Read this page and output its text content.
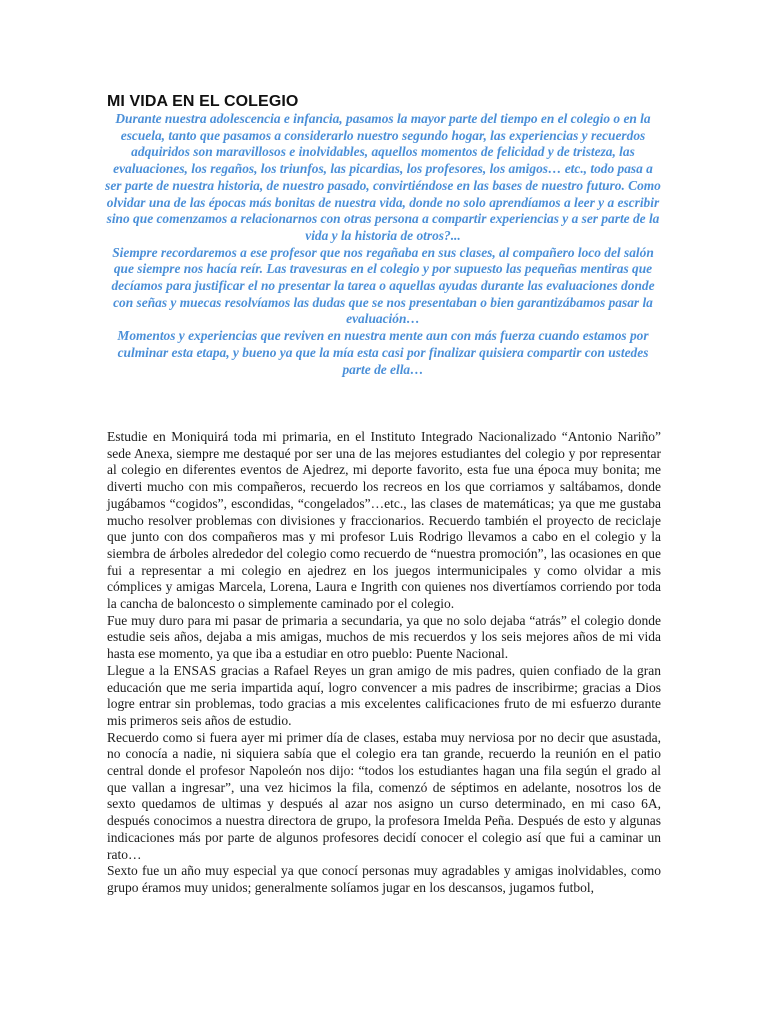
MI VIDA EN EL COLEGIO

Durante nuestra adolescencia e infancia, pasamos la mayor parte del tiempo en el colegio o en la escuela, tanto que pasamos a considerarlo nuestro segundo hogar, las experiencias y recuerdos adquiridos son maravillosos e inolvidables, aquellos momentos de felicidad y de tristeza, las evaluaciones, los regaños, los triunfos, las picardias, los profesores, los amigos… etc., todo pasa a ser parte de nuestra historia, de nuestro pasado, convirtiéndose en las bases de nuestro futuro. Como olvidar una de las épocas más bonitas de nuestra vida, donde no solo aprendíamos a leer y a escribir sino que comenzamos a relacionarnos con otras persona a compartir experiencias y a ser parte de la vida y la historia de otros?...

Siempre recordaremos a ese profesor que nos regañaba en sus clases, al compañero loco del salón que siempre nos hacía reír. Las travesuras en el colegio y por supuesto las pequeñas mentiras que decíamos para justificar el no presentar la tarea o aquellas ayudas durante las evaluaciones donde con señas y muecas resolvíamos las dudas que se nos presentaban o bien garantizábamos pasar la evaluación…

Momentos y experiencias que reviven en nuestra mente aun con más fuerza cuando estamos por culminar esta etapa, y bueno ya que la mía esta casi por finalizar quisiera compartir con ustedes parte de ella…

Estudie en Moniquirá toda mi primaria, en el Instituto Integrado Nacionalizado “Antonio Nariño” sede Anexa, siempre me destaqué por ser una de las mejores estudiantes del colegio y por representar al colegio en diferentes eventos de Ajedrez, mi deporte favorito, esta fue una época muy bonita; me diverti mucho con mis compañeros, recuerdo los recreos en los que corriamos y saltábamos, donde jugábamos “cogidos”, escondidas, “congelados”…etc., las clases de matemáticas; ya que me gustaba mucho resolver problemas con divisiones y fraccionarios. Recuerdo también el proyecto de reciclaje que junto con dos compañeros mas y mi profesor Luis Rodrigo llevamos a cabo en el colegio y la siembra de árboles alrededor del colegio como recuerdo de “nuestra promoción”, las ocasiones en que fui a representar a mi colegio en ajedrez en los juegos intermunicipales y como olvidar a mis cómplices y amigas Marcela, Lorena, Laura e Ingrith con quienes nos divertíamos corriendo por toda la cancha de baloncesto o simplemente caminado por el colegio.

Fue muy duro para mi pasar de primaria a secundaria, ya que no solo dejaba “atrás” el colegio donde estudie seis años, dejaba a mis amigas, muchos de mis recuerdos y los seis mejores años de mi vida hasta ese momento, ya que iba a estudiar en otro pueblo: Puente Nacional.

Llegue a la ENSAS gracias a Rafael Reyes un gran amigo de mis padres, quien confiado de la gran educación que me seria impartida aquí, logro convencer a mis padres de inscribirme; gracias a Dios logre entrar sin problemas, todo gracias a mis excelentes calificaciones fruto de mi esfuerzo durante mis primeros seis años de estudio.

Recuerdo como si fuera ayer mi primer día de clases, estaba muy nerviosa por no decir que asustada, no conocía a nadie, ni siquiera sabía que el colegio era tan grande, recuerdo la reunión en el patio central donde el profesor Napoleón nos dijo: “todos los estudiantes hagan una fila según el grado al que vallan a ingresar”, una vez hicimos la fila, comenzó de séptimos en adelante, nosotros los de sexto quedamos de ultimas y después al azar nos asigno un curso determinado, en mi caso 6A, después conocimos a nuestra directora de grupo, la profesora Imelda Peña. Después de esto y algunas indicaciones más por parte de algunos profesores decidí conocer el colegio así que fui a caminar un rato…

Sexto fue un año muy especial ya que conocí personas muy agradables y amigas inolvidables, como grupo éramos muy unidos; generalmente solíamos jugar en los descansos, jugamos futbol,
